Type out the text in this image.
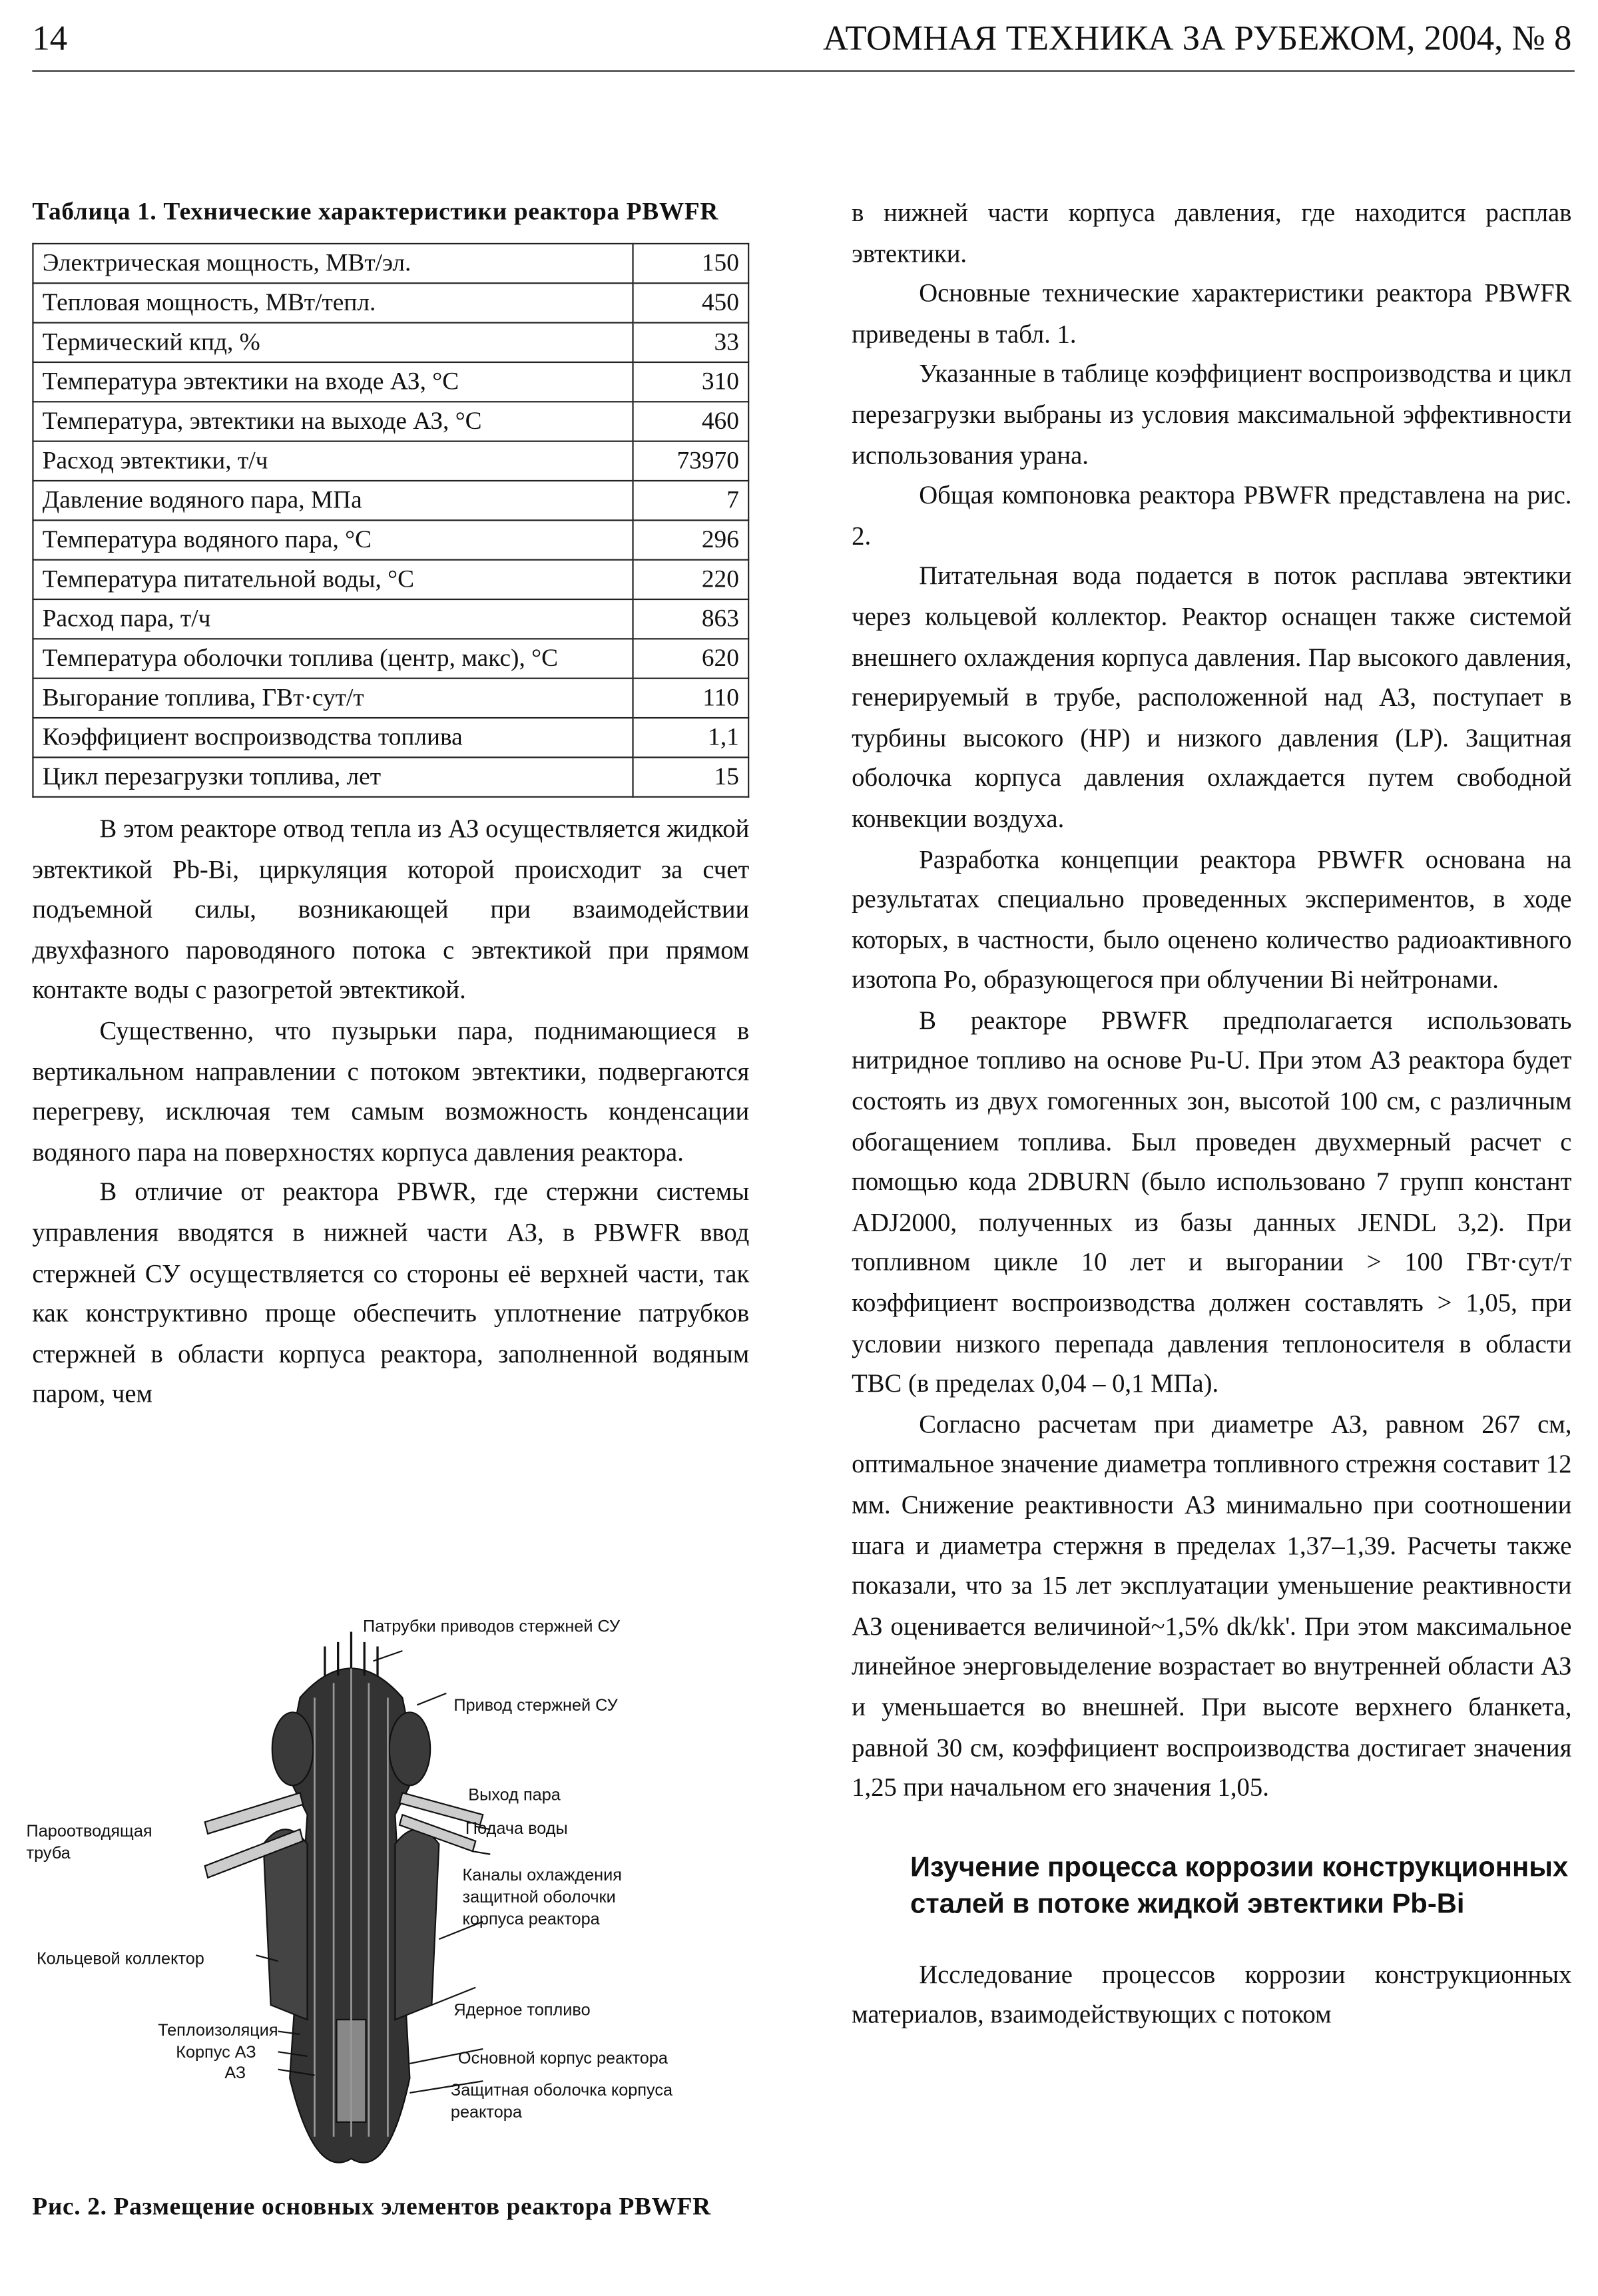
14	АТОМНАЯ ТЕХНИКА ЗА РУБЕЖОМ, 2004, № 8
Таблица 1. Технические характеристики реактора PBWFR
Электрическая мощность, МВт/эл.	150
Тепловая мощность, МВт/тепл.	450
Термический кпд, %	33
Температура эвтектики на входе АЗ, °С	310
Температура, эвтектики на выходе АЗ, °С	460
Расход эвтектики, т/ч	73970
Давление водяного пара, МПа	7
Температура водяного пара, °С	296
Температура питательной воды, °С	220
Расход пара, т/ч	863
Температура оболочки топлива (центр, макс), °С	620
Выгорание топлива, ГВт·сут/т	110
Коэффициент воспроизводства топлива	1,1
Цикл перезагрузки топлива, лет	15

В этом реакторе отвод тепла из АЗ осуществляется жидкой эвтектикой Pb-Bi, циркуляция которой происходит за счет подъемной силы, возникающей при взаимодействии двухфазного пароводяного потока с эвтектикой при прямом контакте воды с разогретой эвтектикой.

Существенно, что пузырьки пара, поднимающиеся в вертикальном направлении с потоком эвтектики, подвергаются перегреву, исключая тем самым возможность конденсации водяного пара на поверхностях корпуса давления реактора.

В отличие от реактора PBWR, где стержни системы управления вводятся в нижней части АЗ, в PBWFR ввод стержней СУ осуществляется со стороны её верхней части, так как конструктивно проще обеспечить уплотнение патрубков стержней в области корпуса реактора, заполненной водяным паром, чем

Патрубки приводов стержней СУ
Привод стержней СУ
Выход пара
Подача воды
Пароотводящая труба
Каналы охлаждения защитной оболочки корпуса реактора
Кольцевой коллектор
Ядерное топливо
Теплоизоляция
Корпус АЗ
АЗ
Основной корпус реактора
Защитная оболочка корпуса реактора
Рис. 2. Размещение основных элементов реактора PBWFR

в нижней части корпуса давления, где находится расплав эвтектики.

Основные технические характеристики реактора PBWFR приведены в табл. 1.

Указанные в таблице коэффициент воспроизводства и цикл перезагрузки выбраны из условия максимальной эффективности использования урана.

Общая компоновка реактора PBWFR представлена на рис. 2.

Питательная вода подается в поток расплава эвтектики через кольцевой коллектор. Реактор оснащен также системой внешнего охлаждения корпуса давления. Пар высокого давления, генерируемый в трубе, расположенной над АЗ, поступает в турбины высокого (HP) и низкого давления (LP). Защитная оболочка корпуса давления охлаждается путем свободной конвекции воздуха.

Разработка концепции реактора PBWFR основана на результатах специально проведенных экспериментов, в ходе которых, в частности, было оценено количество радиоактивного изотопа Po, образующегося при облучении Bi нейтронами.

В реакторе PBWFR предполагается использовать нитридное топливо на основе Pu-U. При этом АЗ реактора будет состоять из двух гомогенных зон, высотой 100 см, с различным обогащением топлива. Был проведен двухмерный расчет с помощью кода 2DBURN (было использовано 7 групп констант ADJ2000, полученных из базы данных JENDL 3,2). При топливном цикле 10 лет и выгорании > 100 ГВт·сут/т коэффициент воспроизводства должен составлять > 1,05, при условии низкого перепада давления теплоносителя в области ТВС (в пределах 0,04 – 0,1 МПа).

Согласно расчетам при диаметре АЗ, равном 267 см, оптимальное значение диаметра топливного стрежня составит 12 мм. Снижение реактивности АЗ минимально при соотношении шага и диаметра стержня в пределах 1,37–1,39. Расчеты также показали, что за 15 лет эксплуатации уменьшение реактивности АЗ оценивается величиной~1,5% dk/kk'. При этом максимальное линейное энерговыделение возрастает во внутренней области АЗ и уменьшается во внешней. При высоте верхнего бланкета, равной 30 см, коэффициент воспроизводства достигает значения 1,25 при начальном его значения 1,05.

Изучение процесса коррозии конструкционных сталей в потоке жидкой эвтектики Pb-Bi

Исследование процессов коррозии конструкционных материалов, взаимодействующих с потоком
